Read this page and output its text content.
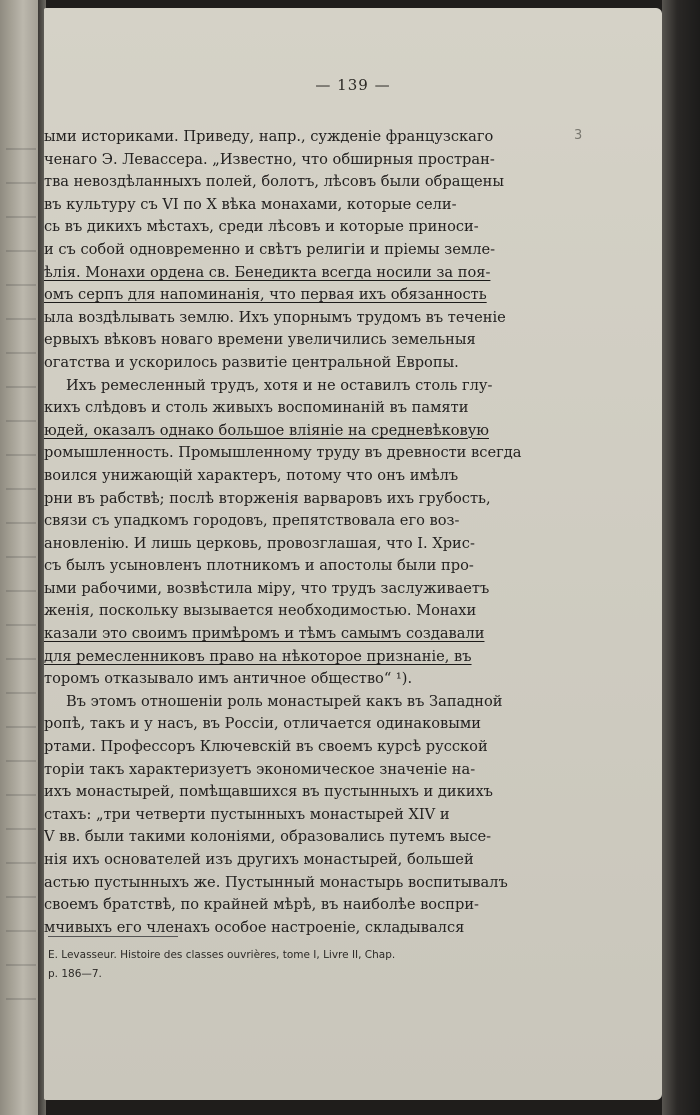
— 139 —
3
ыми историками. Приведу, напр., сужденiе французскаго
ченаго Э. Левассера. „Известно, что обширныя простран-
тва невоздѣланныхъ полей, болотъ, лѣсовъ были обращены
въ культуру съ VI по X вѣка монахами, которые сели-
сь въ дикихъ мѣстахъ, среди лѣсовъ и которые приноси-
и съ собой одновременно и свѣтъ религiи и прiемы земле-
ѣлiя. Монахи ордена св. Бенедикта всегда носили за поя-
омъ серпъ для напоминанiя, что первая ихъ обязанность
ыла воздѣлывать землю. Ихъ упорнымъ трудомъ въ теченiе
ервыхъ вѣковъ новаго времени увеличились земельныя
огатства и ускорилось развитiе центральной Европы.
Ихъ ремесленный трудъ, хотя и не оставилъ столь глу-
кихъ слѣдовъ и столь живыхъ воспоминанiй въ памяти
юдей, оказалъ однако большое влiянiе на средневѣковую
ромышленность. Промышленному труду въ древности всегда
воился унижающiй характеръ, потому что онъ имѣлъ
рни въ рабствѣ; послѣ вторженiя варваровъ ихъ грубость,
связи съ упадкомъ городовъ, препятствовала его воз-
ановленiю. И лишь церковь, провозглашая, что I. Хрис-
съ былъ усыновленъ плотникомъ и апостолы были про-
ыми рабочими, возвѣстила мiру, что трудъ заслуживаетъ
женiя, поскольку вызывается необходимостью. Монахи
казали это своимъ примѣромъ и тѣмъ самымъ создавали
для ремесленниковъ право на нѣкоторое признанiе, въ
торомъ отказывало имъ античное общество“ ¹).
Въ этомъ отношенiи роль монастырей какъ въ Западной
ропѣ, такъ и у насъ, въ Россiи, отличается одинаковыми
ртами. Профессоръ Ключевскiй въ своемъ курсѣ русской
торiи такъ характеризуетъ экономическое значенiе на-
ихъ монастырей, помѣщавшихся въ пустынныхъ и дикихъ
стахъ: „три четверти пустынныхъ монастырей XIV и
V вв. были такими колонiями, образовались путемъ высе-
нiя ихъ основателей изъ другихъ монастырей, большей
астью пустынныхъ же. Пустынный монастырь воспитывалъ
своемъ братствѣ, по крайней мѣрѣ, въ наиболѣе воспри-
мчивыхъ его членахъ особое настроенiе, складывался
E. Levasseur. Histoire des classes ouvrières, tome I, Livre II, Chap.
p. 186—7.
